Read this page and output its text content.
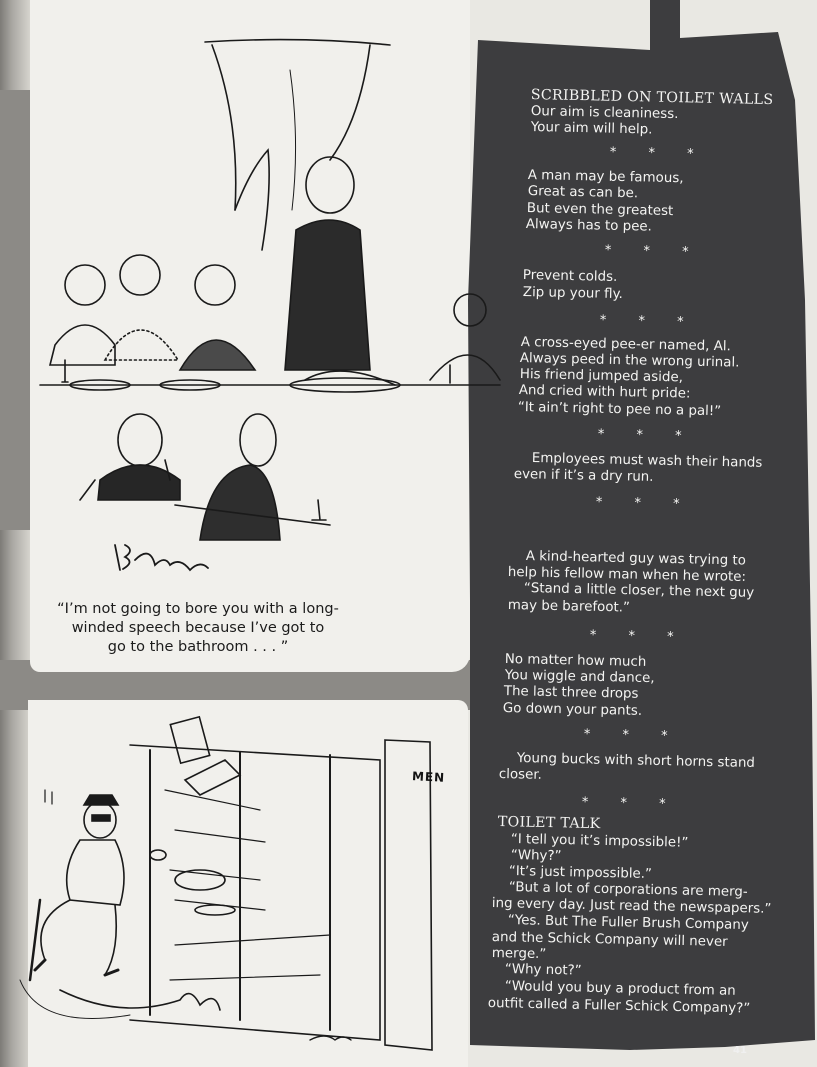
MEN
“I’m not going to bore you with a long-
winded speech because I’ve got to
go to the bathroom . . . ”
SCRIBBLED ON TOILET WALLS
Our aim is cleaniness.
Your aim will help.
* * *
A man may be famous,
Great as can be.
But even the greatest
Always has to pee.
* * *
Prevent colds.
Zip up your fly.
* * *
A cross-eyed pee-er named, Al.
Always peed in the wrong urinal.
His friend jumped aside,
And cried with hurt pride:
“It ain’t right to pee no a pal!”
* * *
Employees must wash their hands
even if it’s a dry run.
* * *
A kind-hearted guy was trying to
help his fellow man when he wrote:
“Stand a little closer, the next guy
may be barefoot.”
* * *
No matter how much
You wiggle and dance,
The last three drops
Go down your pants.
* * *
Young bucks with short horns stand
closer.
* * *
TOILET TALK
“I tell you it’s impossible!”
“Why?”
“It’s just impossible.”
“But a lot of corporations are merg-
ing every day. Just read the newspapers.”
“Yes. But The Fuller Brush Company
and the Schick Company will never
merge.”
“Why not?”
“Would you buy a product from an
outfit called a Fuller Schick Company?”
41
